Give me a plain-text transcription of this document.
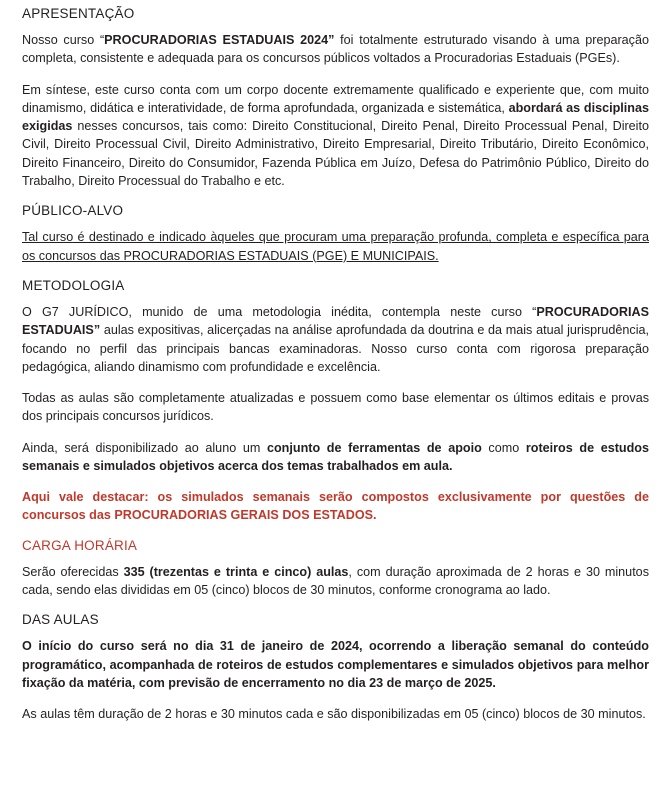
APRESENTAÇÃO

Nosso curso “PROCURADORIAS ESTADUAIS 2024” foi totalmente estruturado visando à uma preparação completa, consistente e adequada para os concursos públicos voltados a Procuradorias Estaduais (PGEs).

Em síntese, este curso conta com um corpo docente extremamente qualificado e experiente que, com muito dinamismo, didática e interatividade, de forma aprofundada, organizada e sistemática, abordará as disciplinas exigidas nesses concursos, tais como: Direito Constitucional, Direito Penal, Direito Processual Penal, Direito Civil, Direito Processual Civil, Direito Administrativo, Direito Empresarial, Direito Tributário, Direito Econômico, Direito Financeiro, Direito do Consumidor, Fazenda Pública em Juízo, Defesa do Patrimônio Público, Direito do Trabalho, Direito Processual do Trabalho e etc.

PÚBLICO-ALVO

Tal curso é destinado e indicado àqueles que procuram uma preparação profunda, completa e específica para os concursos das PROCURADORIAS ESTADUAIS (PGE) E MUNICIPAIS.

METODOLOGIA

O G7 JURÍDICO, munido de uma metodologia inédita, contempla neste curso “PROCURADORIAS ESTADUAIS” aulas expositivas, alicerçadas na análise aprofundada da doutrina e da mais atual jurisprudência, focando no perfil das principais bancas examinadoras. Nosso curso conta com rigorosa preparação pedagógica, aliando dinamismo com profundidade e excelência.

Todas as aulas são completamente atualizadas e possuem como base elementar os últimos editais e provas dos principais concursos jurídicos.

Ainda, será disponibilizado ao aluno um conjunto de ferramentas de apoio como roteiros de estudos semanais e simulados objetivos acerca dos temas trabalhados em aula.

Aqui vale destacar: os simulados semanais serão compostos exclusivamente por questões de concursos das PROCURADORIAS GERAIS DOS ESTADOS.

CARGA HORÁRIA

Serão oferecidas 335 (trezentas e trinta e cinco) aulas, com duração aproximada de 2 horas e 30 minutos cada, sendo elas divididas em 05 (cinco) blocos de 30 minutos, conforme cronograma ao lado.

DAS AULAS

O início do curso será no dia 31 de janeiro de 2024, ocorrendo a liberação semanal do conteúdo programático, acompanhada de roteiros de estudos complementares e simulados objetivos para melhor fixação da matéria, com previsão de encerramento no dia 23 de março de 2025.

As aulas têm duração de 2 horas e 30 minutos cada e são disponibilizadas em 05 (cinco) blocos de 30 minutos.
